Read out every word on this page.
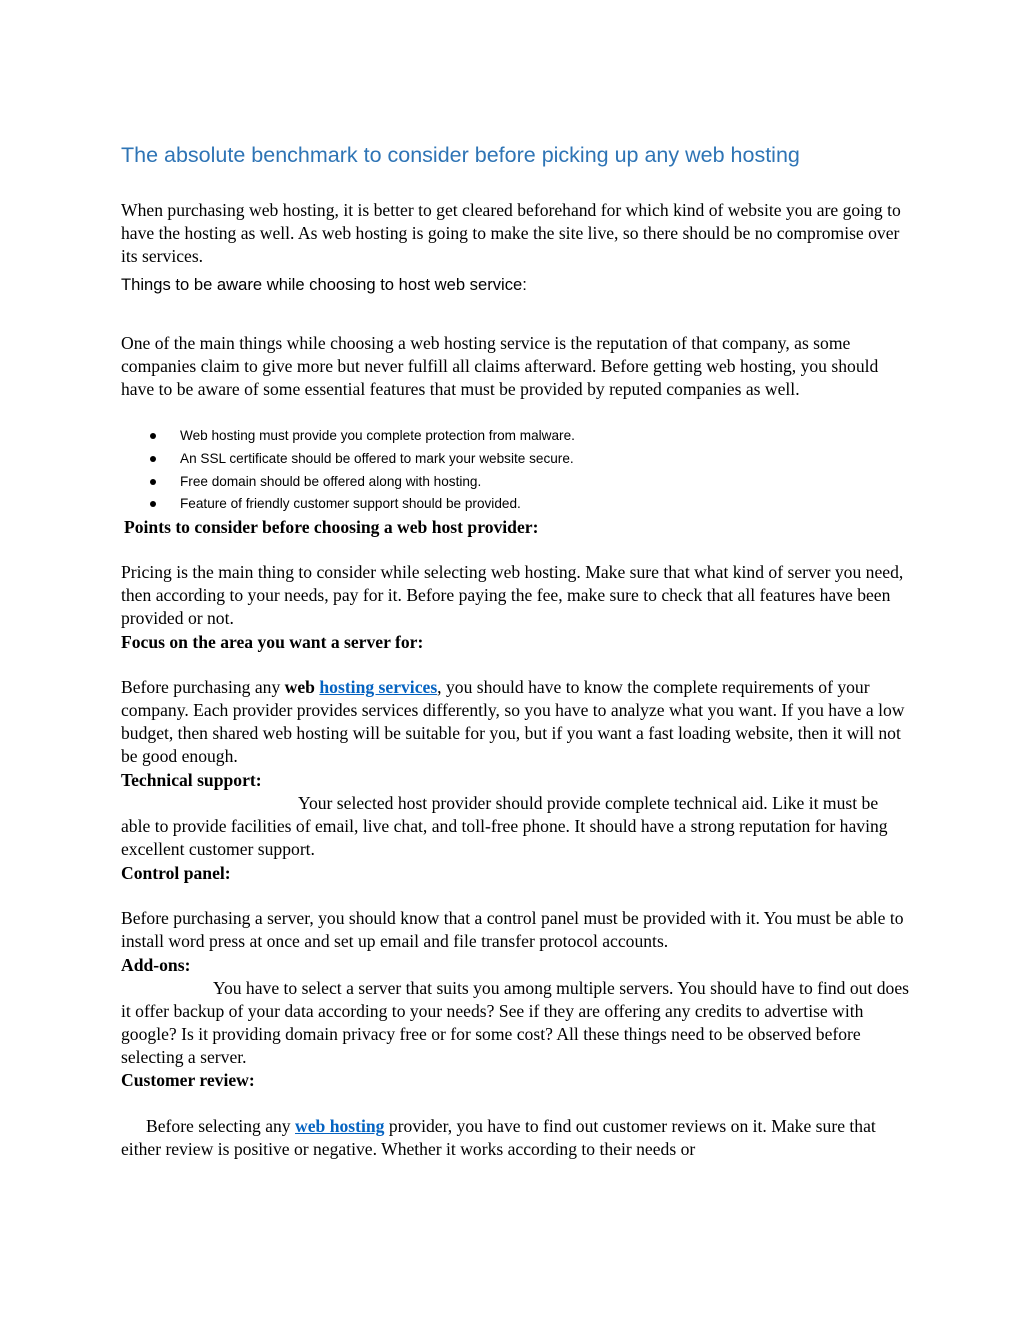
The absolute benchmark to consider before picking up any web hosting

When purchasing web hosting, it is better to get cleared beforehand for which kind of website you are going to have the hosting as well. As web hosting is going to make the site live, so there should be no compromise over its services.

Things to be aware while choosing to host web service:

One of the main things while choosing a web hosting service is the reputation of that company, as some companies claim to give more but never fulfill all claims afterward. Before getting web hosting, you should have to be aware of some essential features that must be provided by reputed companies as well.

Web hosting must provide you complete protection from malware.
An SSL certificate should be offered to mark your website secure.
Free domain should be offered along with hosting.
Feature of friendly customer support should be provided.
Points to consider before choosing a web host provider:

Pricing is the main thing to consider while selecting web hosting. Make sure that what kind of server you need, then according to your needs, pay for it. Before paying the fee, make sure to check that all features have been provided or not.

Focus on the area you want a server for:

Before purchasing any web hosting services, you should have to know the complete requirements of your company. Each provider provides services differently, so you have to analyze what you want. If you have a low budget, then shared web hosting will be suitable for you, but if you want a fast loading website, then it will not be good enough.

Technical support:

Your selected host provider should provide complete technical aid. Like it must be able to provide facilities of email, live chat, and toll-free phone. It should have a strong reputation for having excellent customer support.

Control panel:

Before purchasing a server, you should know that a control panel must be provided with it. You must be able to install word press at once and set up email and file transfer protocol accounts.

Add-ons:

You have to select a server that suits you among multiple servers. You should have to find out does it offer backup of your data according to your needs? See if they are offering any credits to advertise with google? Is it providing domain privacy free or for some cost? All these things need to be observed before selecting a server.

Customer review:

Before selecting any web hosting provider, you have to find out customer reviews on it. Make sure that either review is positive or negative. Whether it works according to their needs or
